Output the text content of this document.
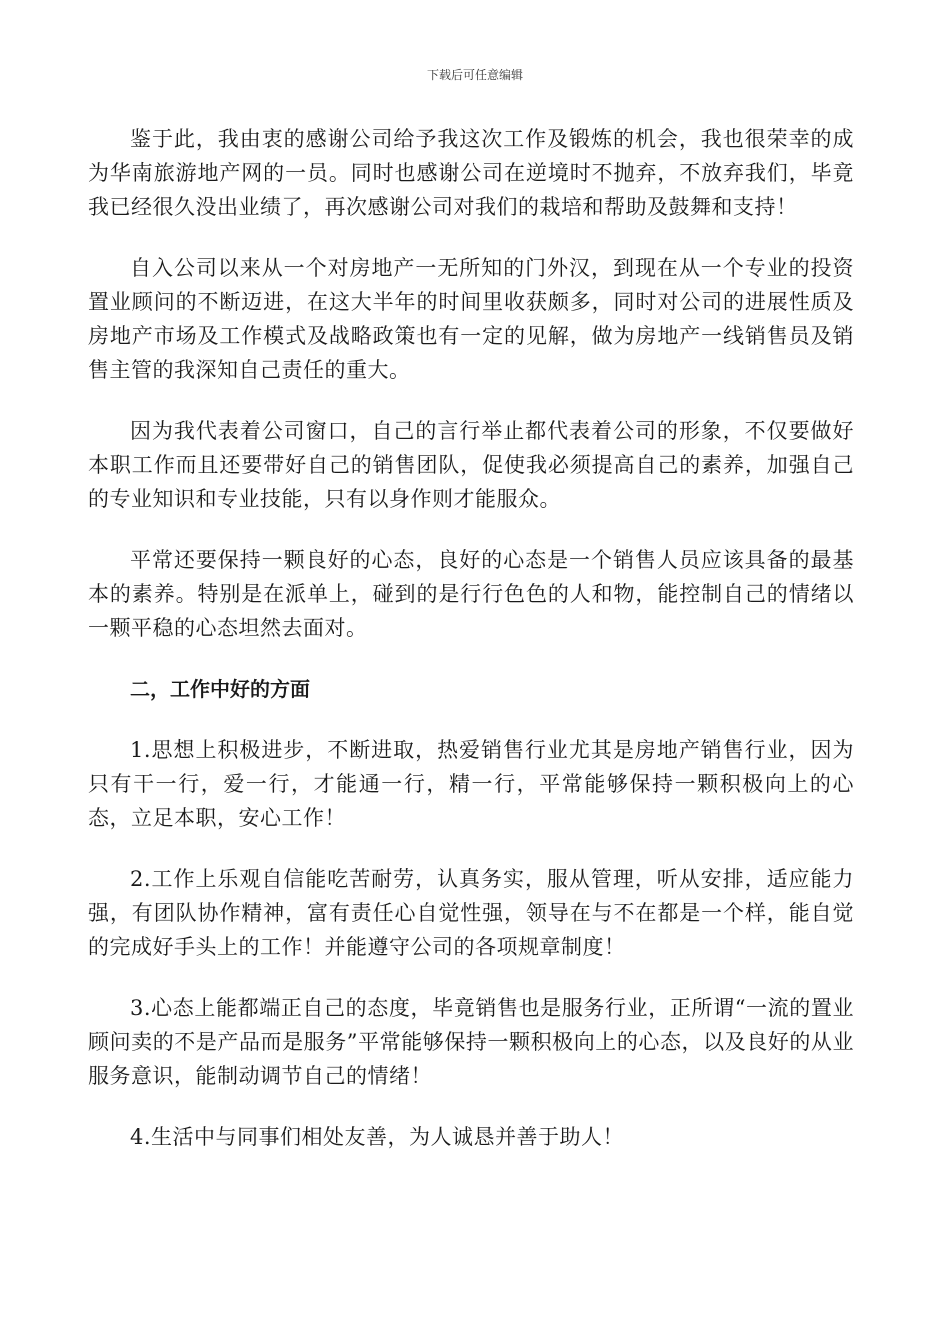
下载后可任意编辑

鉴于此，我由衷的感谢公司给予我这次工作及锻炼的机会，我也很荣幸的成为华南旅游地产网的一员。同时也感谢公司在逆境时不抛弃，不放弃我们，毕竟我已经很久没出业绩了，再次感谢公司对我们的栽培和帮助及鼓舞和支持！

自入公司以来从一个对房地产一无所知的门外汉，到现在从一个专业的投资置业顾问的不断迈进，在这大半年的时间里收获颇多，同时对公司的进展性质及房地产市场及工作模式及战略政策也有一定的见解，做为房地产一线销售员及销售主管的我深知自己责任的重大。

因为我代表着公司窗口，自己的言行举止都代表着公司的形象，不仅要做好本职工作而且还要带好自己的销售团队，促使我必须提高自己的素养，加强自己的专业知识和专业技能，只有以身作则才能服众。

平常还要保持一颗良好的心态，良好的心态是一个销售人员应该具备的最基本的素养。特别是在派单上，碰到的是行行色色的人和物，能控制自己的情绪以一颗平稳的心态坦然去面对。

二，工作中好的方面

1.思想上积极进步，不断进取，热爱销售行业尤其是房地产销售行业，因为只有干一行，爱一行，才能通一行，精一行，平常能够保持一颗积极向上的心态，立足本职，安心工作！

2.工作上乐观自信能吃苦耐劳，认真务实，服从管理，听从安排，适应能力强，有团队协作精神，富有责任心自觉性强，领导在与不在都是一个样，能自觉的完成好手头上的工作！并能遵守公司的各项规章制度！

3.心态上能都端正自己的态度，毕竟销售也是服务行业，正所谓“一流的置业顾问卖的不是产品而是服务”平常能够保持一颗积极向上的心态，以及良好的从业服务意识，能制动调节自己的情绪！

4.生活中与同事们相处友善，为人诚恳并善于助人！
